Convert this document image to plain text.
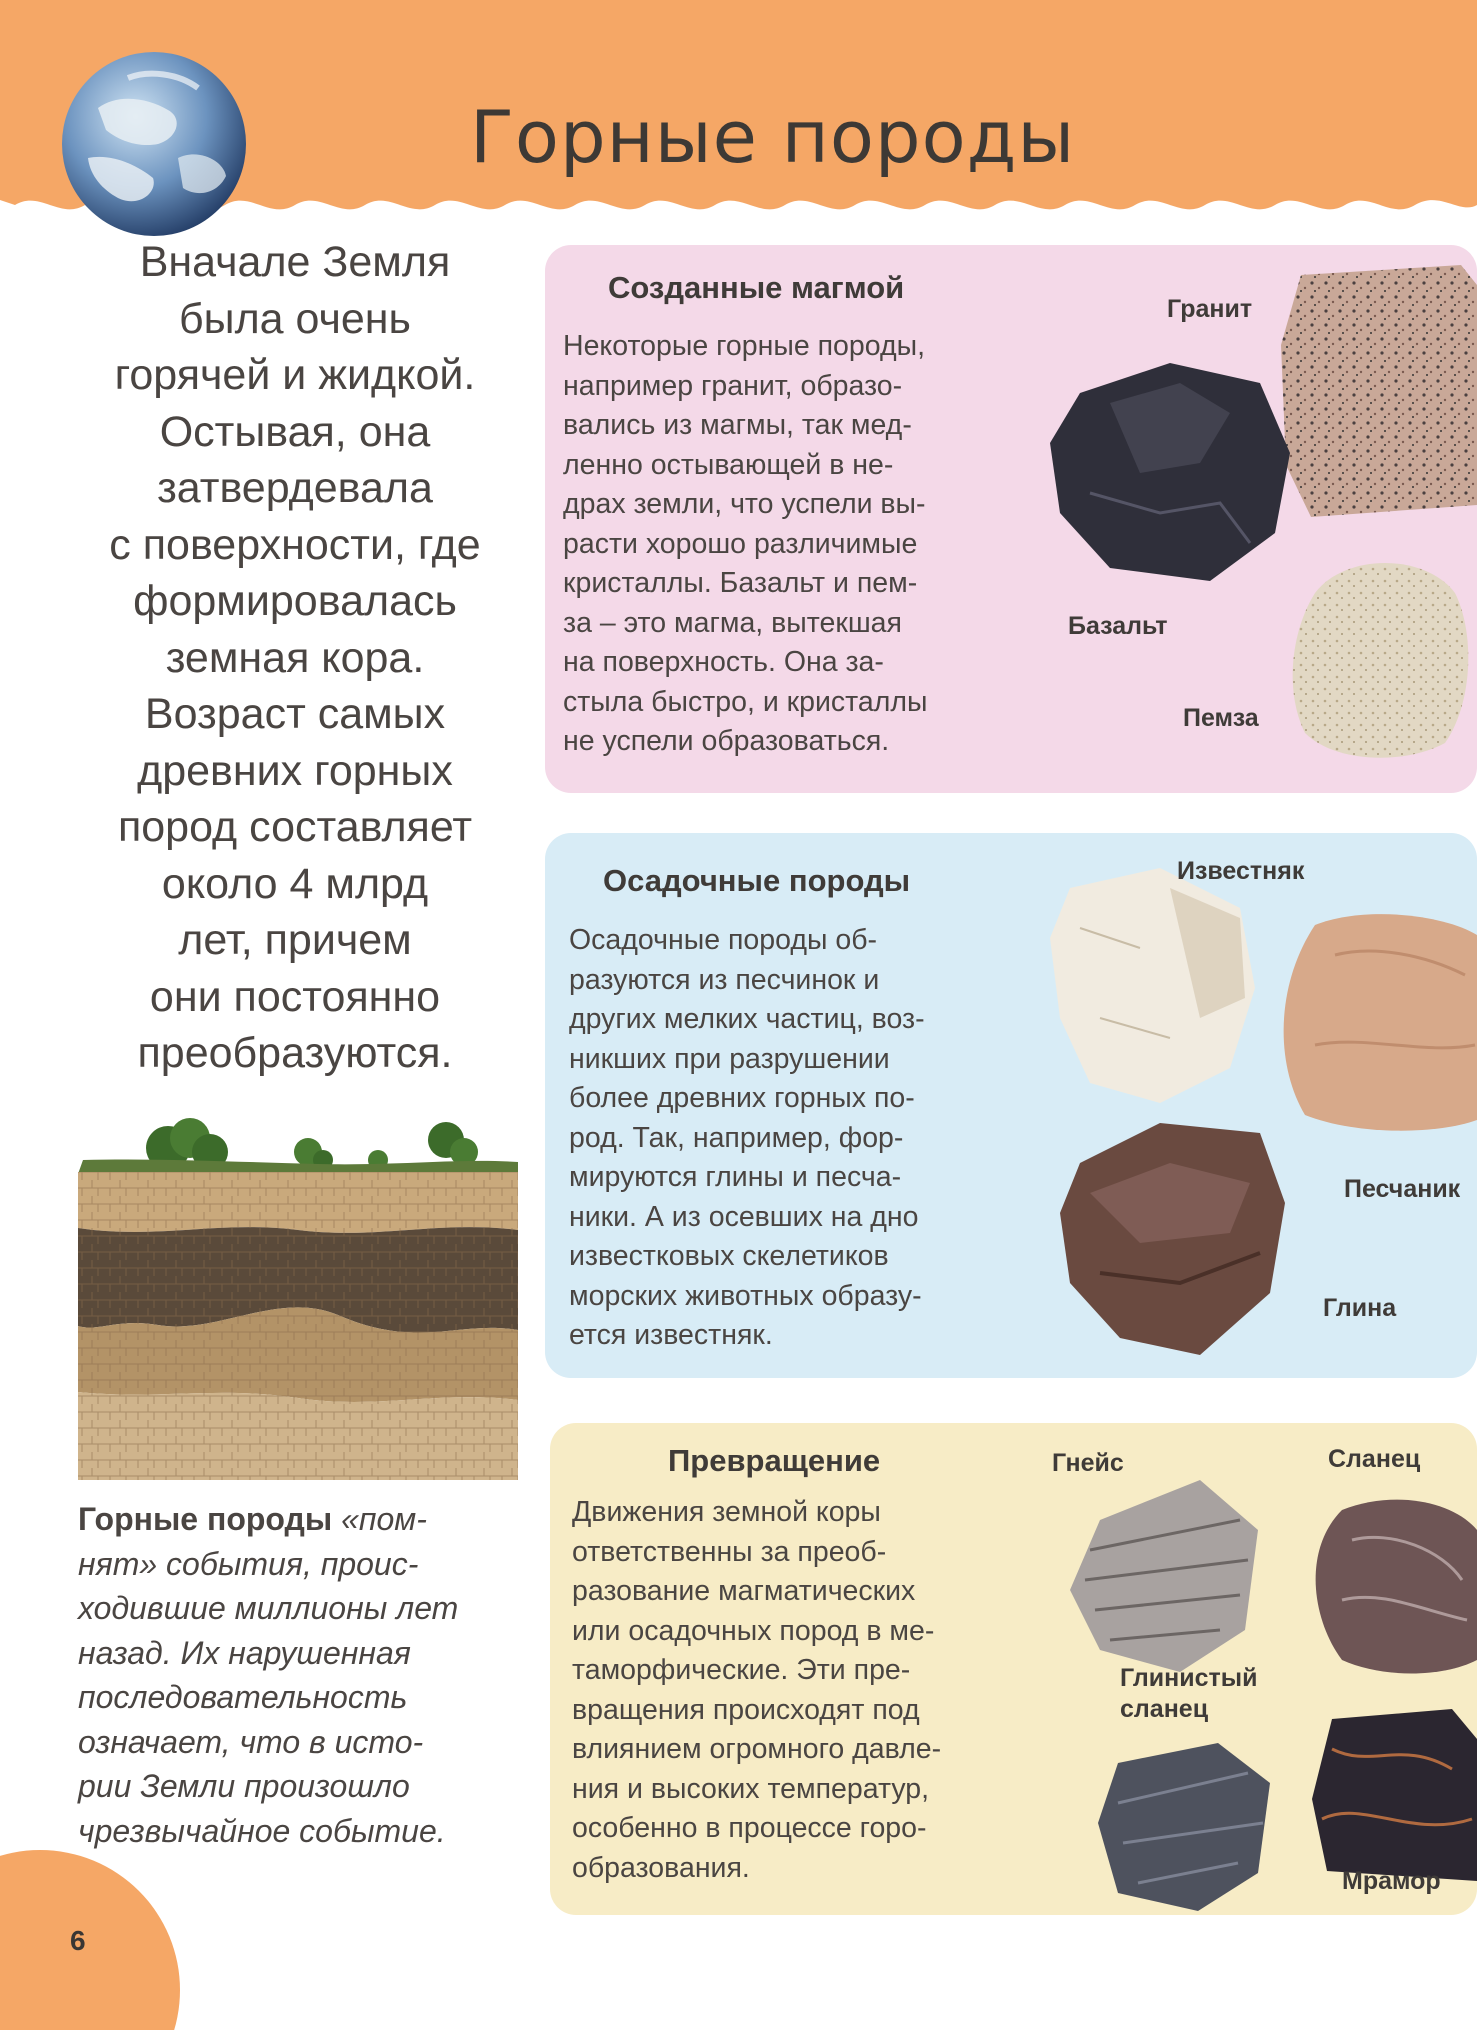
Горные породы
Вначале Земля
была очень
горячей и жидкой.
Остывая, она
затвердевала
с поверхности, где
формировалась
земная кора.
Возраст самых
древних горных
пород составляет
около 4 млрд
лет, причем
они постоянно
преобразуются.
Горные породы «пом-
нят» события, проис-
ходившие миллионы лет
назад. Их нарушенная
последовательность
означает, что в исто-
рии Земли произошло
чрезвычайное событие.
6
Созданные магмой
Некоторые горные породы,
например гранит, образо-
вались из магмы, так мед-
ленно остывающей в не-
драх земли, что успели вы-
расти хорошо различимые
кристаллы. Базальт и пем-
за – это магма, вытекшая
на поверхность. Она за-
стыла быстро, и кристаллы
не успели образоваться.
Гранит
Базальт
Пемза
Осадочные породы
Осадочные породы об-
разуются из песчинок и
других мелких частиц, воз-
никших при разрушении
более древних горных по-
род. Так, например, фор-
мируются глины и песча-
ники. А из осевших на дно
известковых скелетиков
морских животных образу-
ется известняк.
Известняк
Песчаник
Глина
Превращение
Движения земной коры
ответственны за преоб-
разование магматических
или осадочных пород в ме-
таморфические. Эти пре-
вращения происходят под
влиянием огромного давле-
ния и высоких температур,
особенно в процессе горо-
образования.
Гнейс	Сланец
Глинистый
сланец
Мрамор
